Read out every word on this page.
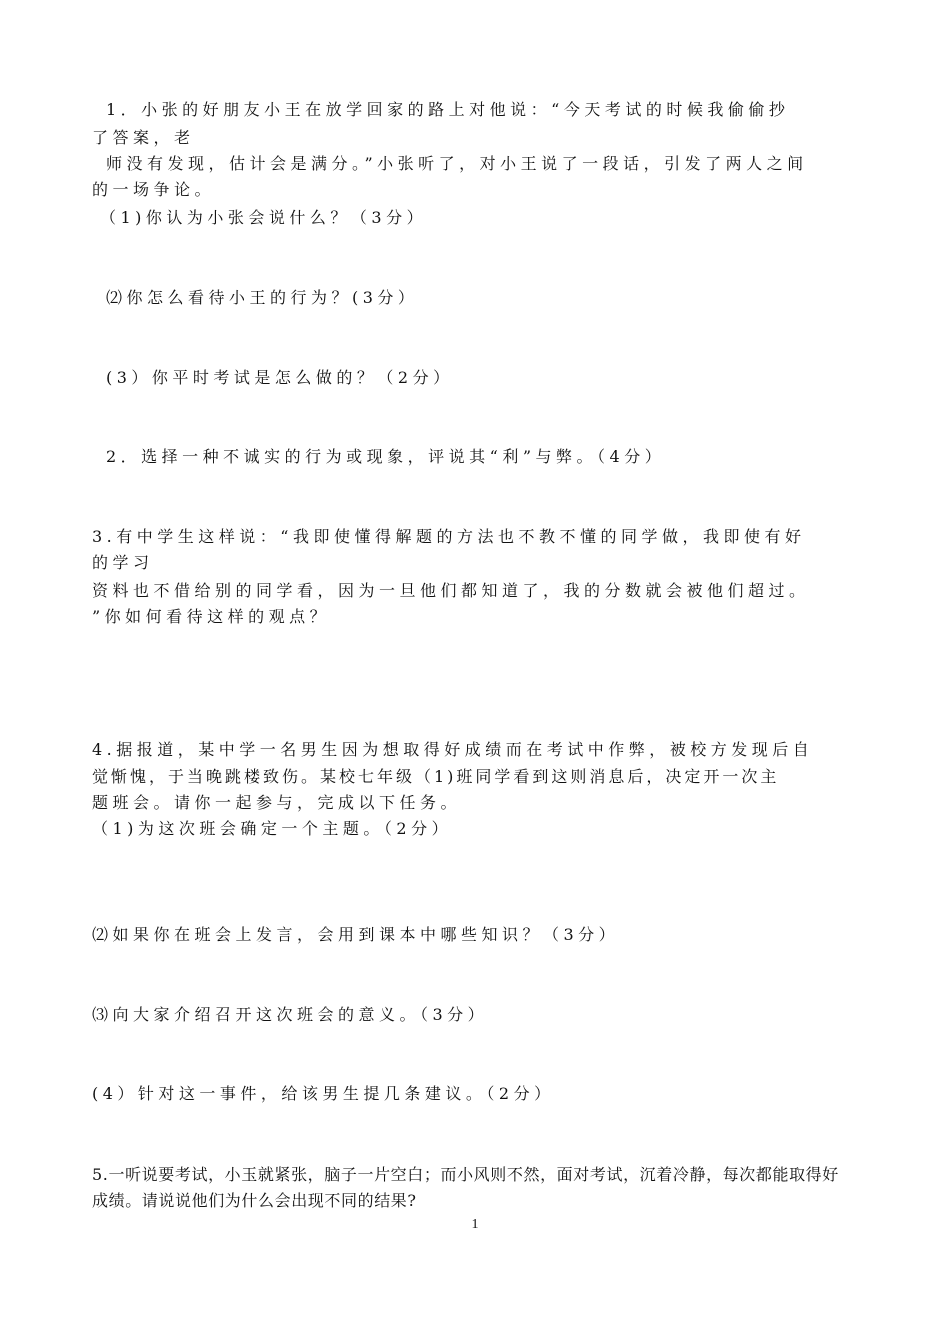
1．小张的好朋友小王在放学回家的路上对他说：“今天考试的时候我偷偷抄
了答案，老
师没有发现，估计会是满分。”小张听了，对小王说了一段话，引发了两人之间
的一场争论。
（1)你认为小张会说什么？（3分）
⑵你怎么看待小王的行为？(3分）
(3）你平时考试是怎么做的？（2分）
2．选择一种不诚实的行为或现象，评说其“利”与弊。（4分）
3.有中学生这样说：“我即使懂得解题的方法也不教不懂的同学做，我即使有好
的学习
资料也不借给别的同学看，因为一旦他们都知道了，我的分数就会被他们超过。
”你如何看待这样的观点？
4.据报道，某中学一名男生因为想取得好成绩而在考试中作弊，被校方发现后自
觉惭愧，于当晚跳楼致伤。某校七年级（1)班同学看到这则消息后，决定开一次主
题班会。请你一起参与，完成以下任务。
（1)为这次班会确定一个主题。（2分）
⑵如果你在班会上发言，会用到课本中哪些知识？（3分）
⑶向大家介绍召开这次班会的意义。（3分）
(4）针对这一事件，给该男生提几条建议。（2分）
5.一听说要考试，小玉就紧张，脑子一片空白；而小风则不然，面对考试，沉着冷静，每次都能取得好
成绩。请说说他们为什么会出现不同的结果?
1
